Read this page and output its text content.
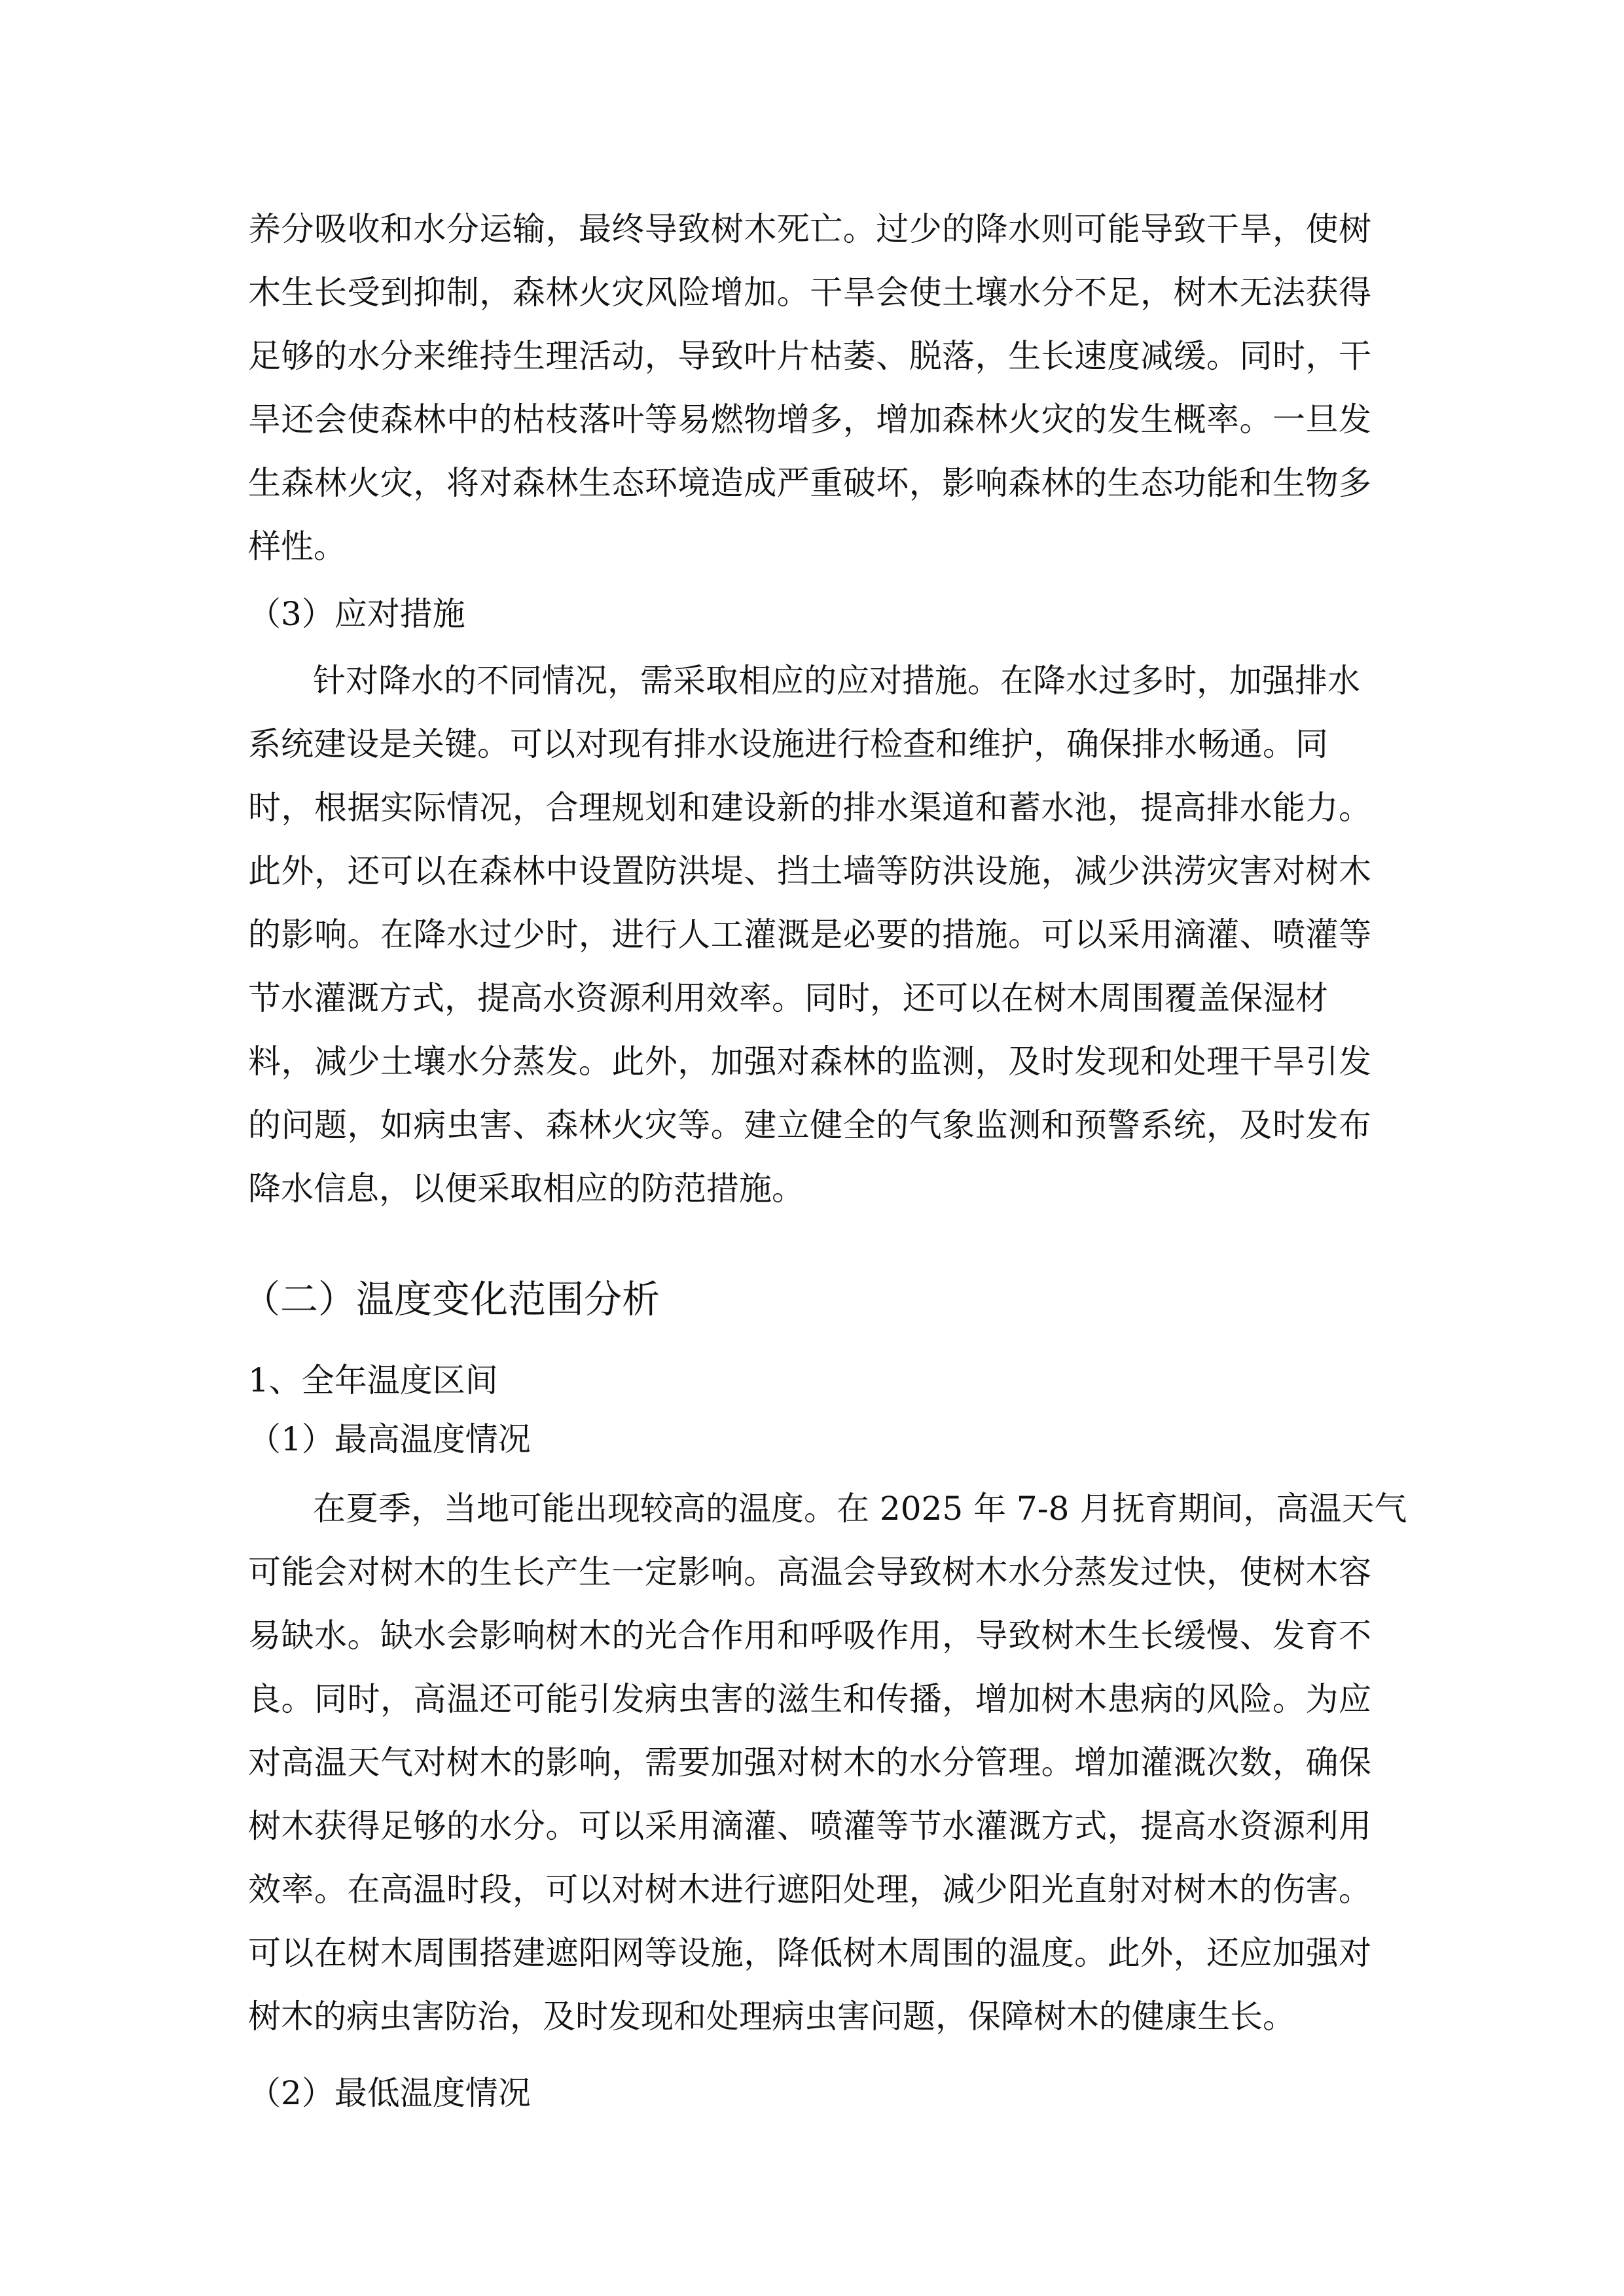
养分吸收和水分运输，最终导致树木死亡。过少的降水则可能导致干旱，使树
木生长受到抑制，森林火灾风险增加。干旱会使土壤水分不足，树木无法获得
足够的水分来维持生理活动，导致叶片枯萎、脱落，生长速度减缓。同时，干
旱还会使森林中的枯枝落叶等易燃物增多，增加森林火灾的发生概率。一旦发
生森林火灾，将对森林生态环境造成严重破坏，影响森林的生态功能和生物多
样性。
（3）应对措施
针对降水的不同情况，需采取相应的应对措施。在降水过多时，加强排水
系统建设是关键。可以对现有排水设施进行检查和维护，确保排水畅通。同
时，根据实际情况，合理规划和建设新的排水渠道和蓄水池，提高排水能力。
此外，还可以在森林中设置防洪堤、挡土墙等防洪设施，减少洪涝灾害对树木
的影响。在降水过少时，进行人工灌溉是必要的措施。可以采用滴灌、喷灌等
节水灌溉方式，提高水资源利用效率。同时，还可以在树木周围覆盖保湿材
料，减少土壤水分蒸发。此外，加强对森林的监测，及时发现和处理干旱引发
的问题，如病虫害、森林火灾等。建立健全的气象监测和预警系统，及时发布
降水信息，以便采取相应的防范措施。
（二）温度变化范围分析
1、全年温度区间
（1）最高温度情况
在夏季，当地可能出现较高的温度。在 2025 年 7-8 月抚育期间，高温天气
可能会对树木的生长产生一定影响。高温会导致树木水分蒸发过快，使树木容
易缺水。缺水会影响树木的光合作用和呼吸作用，导致树木生长缓慢、发育不
良。同时，高温还可能引发病虫害的滋生和传播，增加树木患病的风险。为应
对高温天气对树木的影响，需要加强对树木的水分管理。增加灌溉次数，确保
树木获得足够的水分。可以采用滴灌、喷灌等节水灌溉方式，提高水资源利用
效率。在高温时段，可以对树木进行遮阳处理，减少阳光直射对树木的伤害。
可以在树木周围搭建遮阳网等设施，降低树木周围的温度。此外，还应加强对
树木的病虫害防治，及时发现和处理病虫害问题，保障树木的健康生长。
（2）最低温度情况
